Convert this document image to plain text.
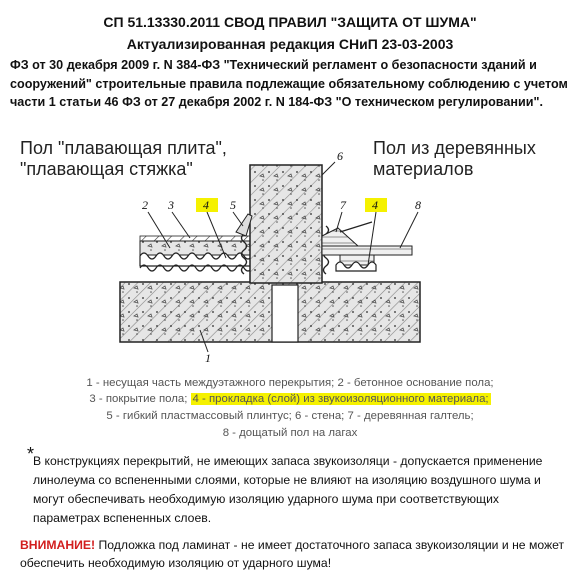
СП 51.13330.2011 СВОД ПРАВИЛ "ЗАЩИТА ОТ ШУМА"
Актуализированная редакция СНиП 23-03-2003
ФЗ от 30 декабря 2009 г. N 384-ФЗ "Технический регламент о безопасности зданий и сооружений" строительные правила подлежащие обязательному соблюдению с учетом части 1 статьи 46 ФЗ от 27 декабря 2002 г. N 184-ФЗ "О техническом регулировании".
Пол "плавающая плита",
"плавающая стяжка"
Пол из деревянных
материалов
2 3 4 5
6
7 4	8
1
1 - несущая часть междуэтажного перекрытия; 2 - бетонное основание пола;
3 - покрытие пола; 4 - прокладка (слой) из звукоизоляционного материала;
5 - гибкий пластмассовый плинтус; 6 - стена; 7 - деревянная галтель;
8 - дощатый пол на лагах
*
В конструкциях перекрытий, не имеющих запаса звукоизоляци - допускается применение линолеума со вспененными слоями, которые не влияют на изоляцию воздушного шума и могут обеспечивать необходимую изоляцию ударного шума при соответствующих параметрах вспененных слоев.
ВНИМАНИЕ! Подложка под ламинат - не имеет достаточного запаса звукоизоляции и не может обеспечить необходимую изоляцию от ударного шума!
